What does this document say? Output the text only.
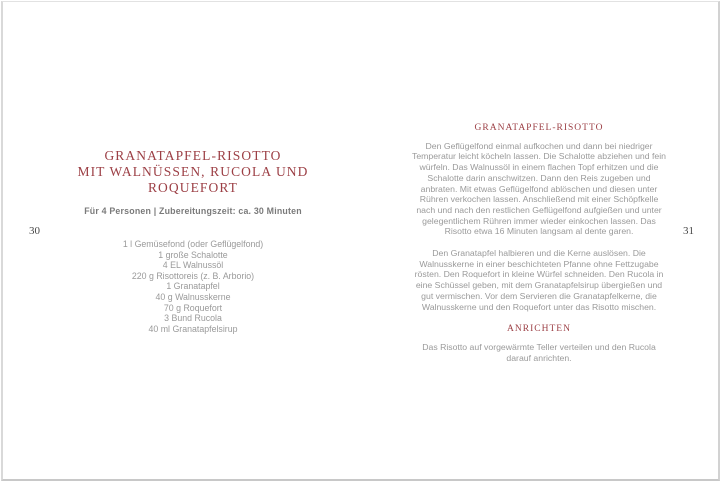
30	31
GRANATAPFEL-RISOTTO
MIT WALNÜSSEN, RUCOLA UND
ROQUEFORT
Für 4 Personen | Zubereitungszeit: ca. 30 Minuten
1 l Gemüsefond (oder Geflügelfond)
1 große Schalotte
4 EL Walnussöl
220 g Risottoreis (z. B. Arborio)
1 Granatapfel
40 g Walnusskerne
70 g Roquefort
3 Bund Rucola
40 ml Granatapfelsirup
GRANATAPFEL-RISOTTO

Den Geflügelfond einmal aufkochen und dann bei niedriger Temperatur leicht köcheln lassen. Die Schalotte abziehen und fein würfeln. Das Walnussöl in einem flachen Topf erhitzen und die Schalotte darin anschwitzen. Dann den Reis zugeben und anbraten. Mit etwas Geflügelfond ablöschen und diesen unter Rühren verkochen lassen. Anschließend mit einer Schöpfkelle nach und nach den restlichen Geflügelfond aufgießen und unter gelegentlichem Rühren immer wieder einkochen lassen. Das Risotto etwa 16 Minuten langsam al dente garen.

Den Granatapfel halbieren und die Kerne auslösen. Die Walnusskerne in einer beschichteten Pfanne ohne Fettzugabe rösten. Den Roquefort in kleine Würfel schneiden. Den Rucola in eine Schüssel geben, mit dem Granatapfelsirup übergießen und gut vermischen. Vor dem Servieren die Granatapfelkerne, die Walnusskerne und den Roquefort unter das Risotto mischen.

ANRICHTEN

Das Risotto auf vorgewärmte Teller verteilen und den Rucola darauf anrichten.
